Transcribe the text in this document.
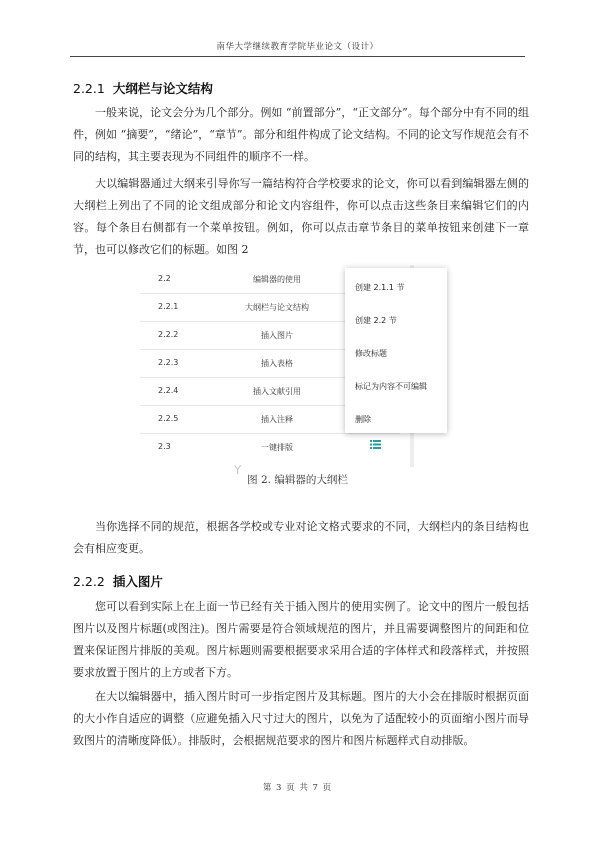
南华大学继续教育学院毕业论文（设计）
2.2.1 大纲栏与论文结构
一般来说，论文会分为几个部分。例如 “前置部分”，“正文部分”。每个部分中有不同的组件，例如 “摘要”，“绪论”，“章节”。部分和组件构成了论文结构。不同的论文写作规范会有不同的结构，其主要表现为不同组件的顺序不一样。
大以编辑器通过大纲来引导你写一篇结构符合学校要求的论文，你可以看到编辑器左侧的大纲栏上列出了不同的论文组成部分和论文内容组件，你可以点击这些条目来编辑它们的内容。每个条目右侧都有一个菜单按钮。例如，你可以点击章节条目的菜单按钮来创建下一章节，也可以修改它们的标题。如图 2
2.2	编辑器的使用
2.2.1	大纲栏与论文结构
2.2.2	插入图片
2.2.3	插入表格
2.2.4	插入文献引用
2.2.5	插入注释
2.3	一键排版
创建 2.1.1 节
创建 2.2 节
修改标题
标记为内容不可编辑
删除
Y
图 2. 编辑器的大纲栏
当你选择不同的规范，根据各学校或专业对论文格式要求的不同，大纲栏内的条目结构也会有相应变更。
2.2.2 插入图片
您可以看到实际上在上面一节已经有关于插入图片的使用实例了。论文中的图片一般包括图片以及图片标题(或图注)。图片需要是符合领域规范的图片，并且需要调整图片的间距和位置来保证图片排版的美观。图片标题则需要根据要求采用合适的字体样式和段落样式，并按照要求放置于图片的上方或者下方。
在大以编辑器中，插入图片时可一步指定图片及其标题。图片的大小会在排版时根据页面的大小作自适应的调整（应避免插入尺寸过大的图片，以免为了适配较小的页面缩小图片而导致图片的清晰度降低）。排版时，会根据规范要求的图片和图片标题样式自动排版。
第 3 页 共 7 页
